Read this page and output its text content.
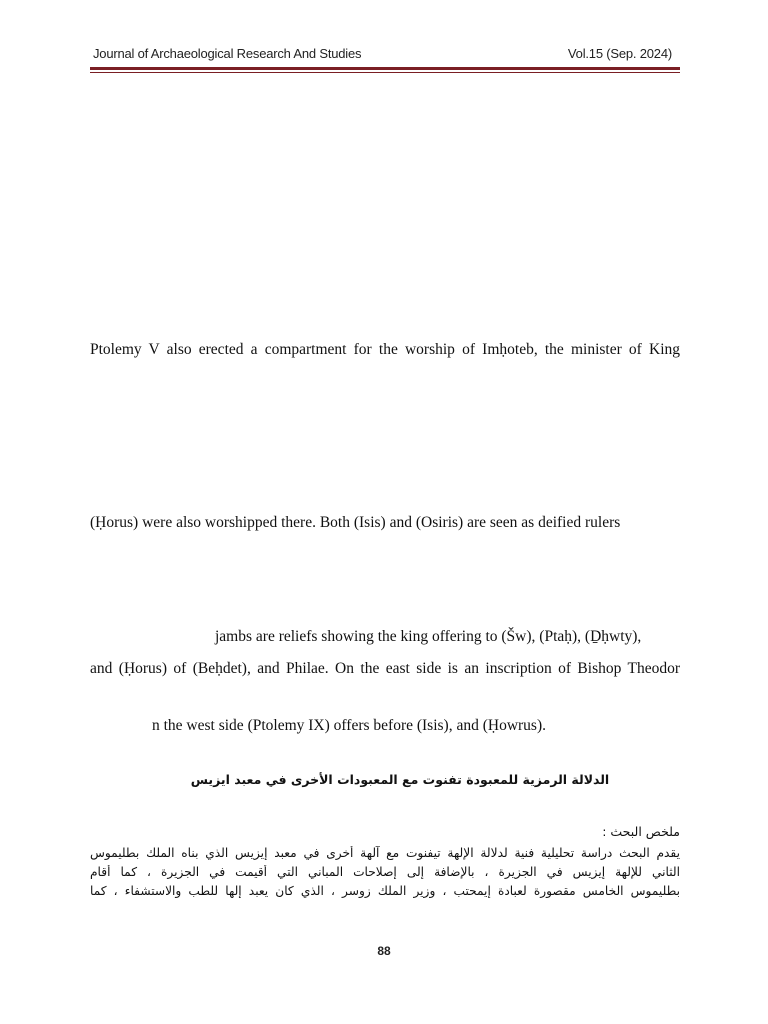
Journal of Archaeological Research And Studies	Vol.15 (Sep. 2024)
Ptolemy V also erected a compartment for the worship of Imḥoteb, the minister of King
(Ḥorus) were also worshipped there. Both (Isis) and (Osiris) are seen as deified rulers
jambs are reliefs showing the king offering to (Šw), (Ptaḥ), (Ḏḥwty),
and (Ḥorus) of (Beḥdet), and Philae. On the east side is an inscription of Bishop Theodor
n the west side (Ptolemy IX) offers before (Isis), and (Ḥowrus).
الدلالة الرمزية للمعبودة تفنوت مع المعبودات الأخرى في معبد ايزيس
ملخص البحث :
يقدم البحث دراسة تحليلية فنية لدلالة الإلهة تيفنوت مع آلهة أخرى في معبد إيزيس الذي بناه الملك بطليموس
الثاني للإلهة إيزيس في الجزيرة ، بالإضافة إلى إصلاحات المباني التي أقيمت في الجزيرة ، كما أقام
بطليموس الخامس مقصورة لعبادة إيمحتب ، وزير الملك زوسر ، الذي كان يعبد إلها للطب والاستشفاء ، كما
88
